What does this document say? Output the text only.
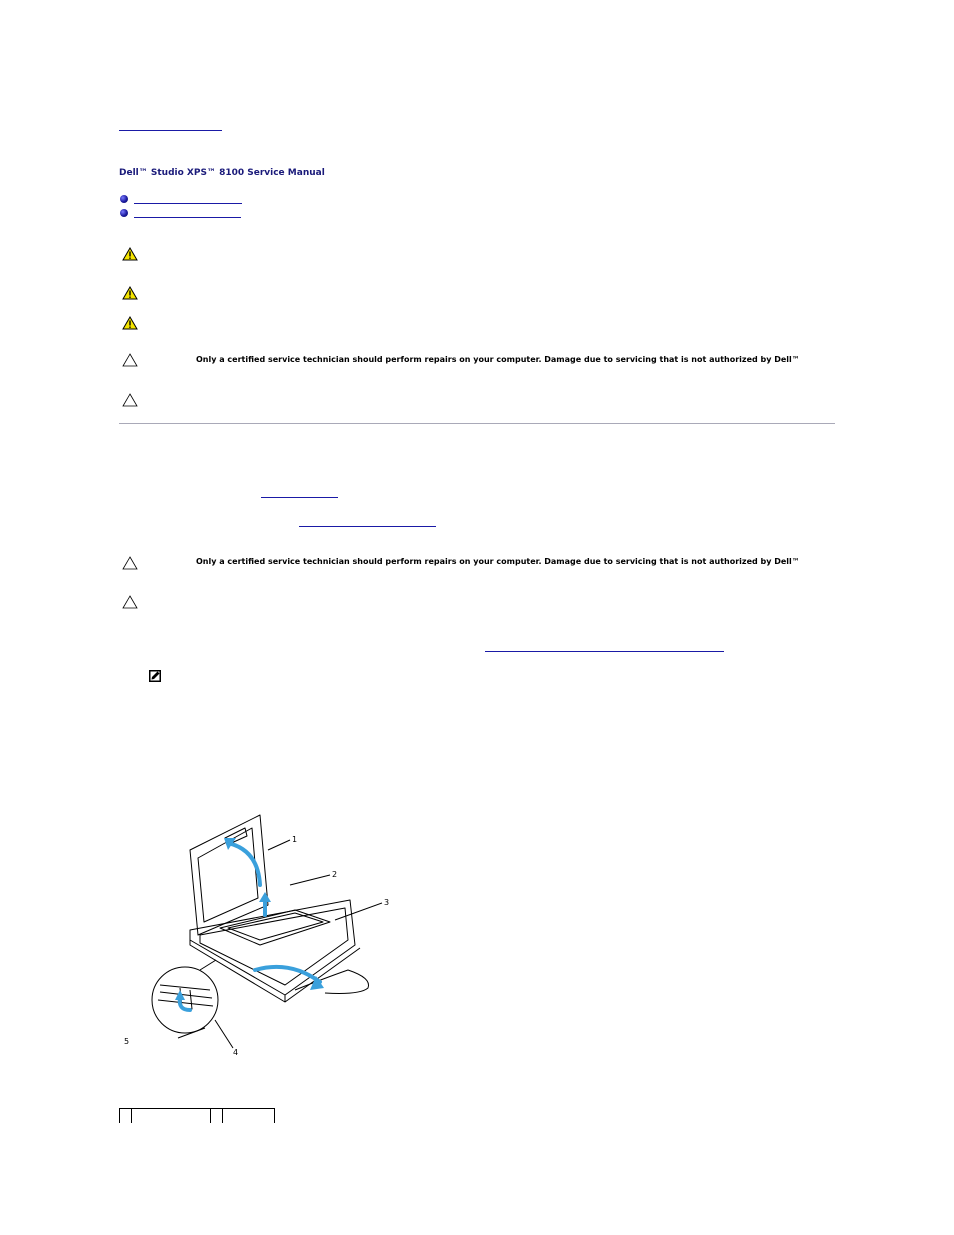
Dell™ Studio XPS™ 8100 Service Manual
Only a certified service technician should perform repairs on your computer. Damage due to servicing that is not authorized by Dell™
Only a certified service technician should perform repairs on your computer. Damage due to servicing that is not authorized by Dell™
1
2
3
4
5
